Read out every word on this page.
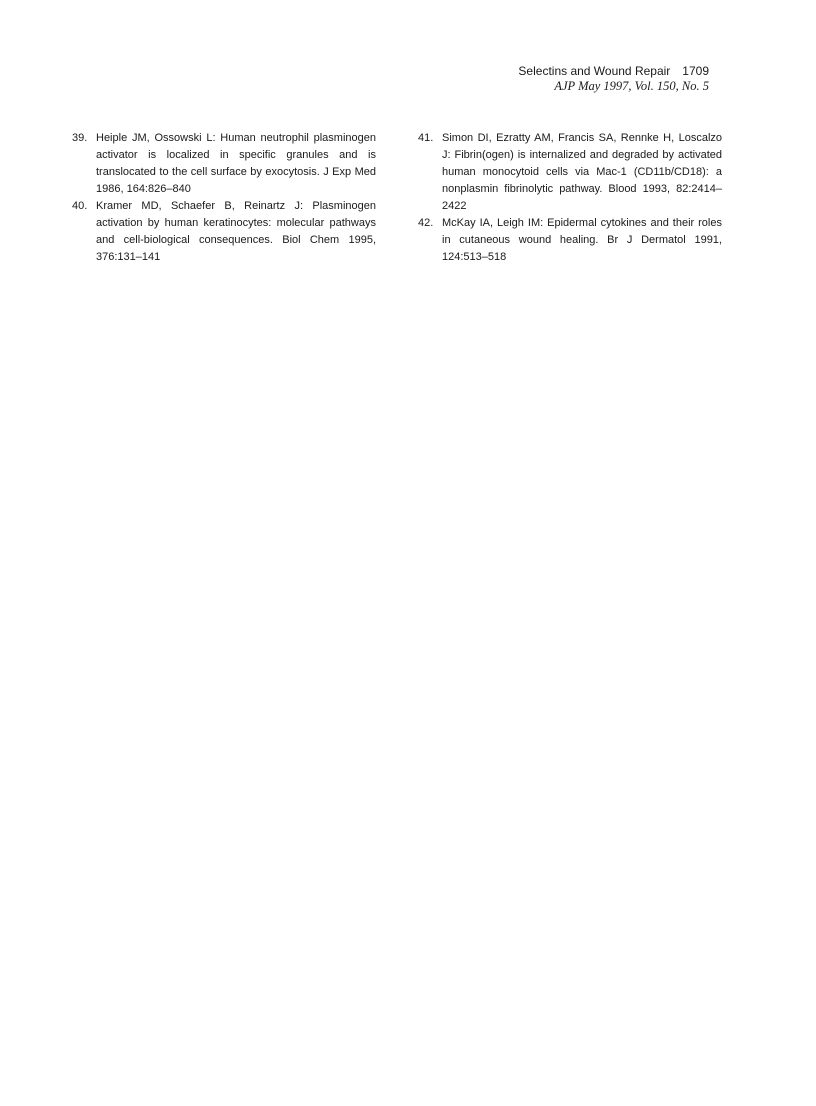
Selectins and Wound Repair 1709
AJP May 1997, Vol. 150, No. 5
39. Heiple JM, Ossowski L: Human neutrophil plasminogen activator is localized in specific granules and is translocated to the cell surface by exocytosis. J Exp Med 1986, 164:826–840
40. Kramer MD, Schaefer B, Reinartz J: Plasminogen activation by human keratinocytes: molecular pathways and cell-biological consequences. Biol Chem 1995, 376:131–141
41. Simon DI, Ezratty AM, Francis SA, Rennke H, Loscalzo J: Fibrin(ogen) is internalized and degraded by activated human monocytoid cells via Mac-1 (CD11b/CD18): a nonplasmin fibrinolytic pathway. Blood 1993, 82:2414–2422
42. McKay IA, Leigh IM: Epidermal cytokines and their roles in cutaneous wound healing. Br J Dermatol 1991, 124:513–518
